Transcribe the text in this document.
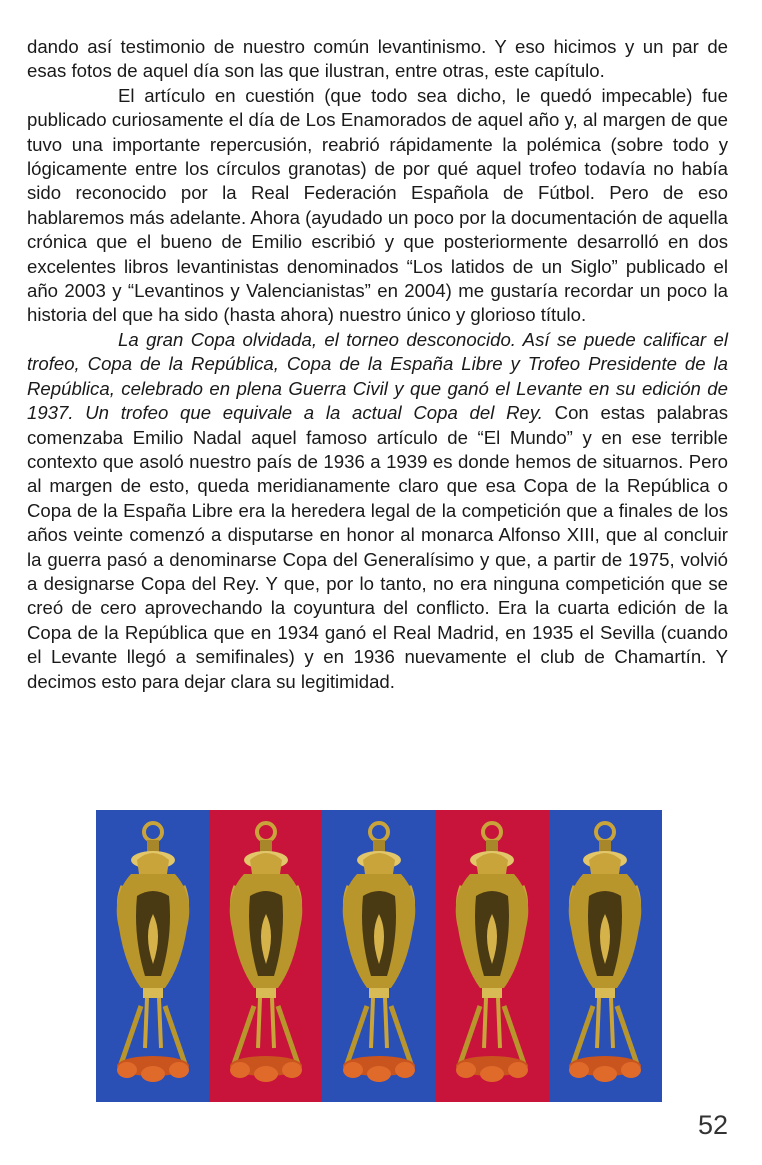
dando así testimonio de nuestro común levantinismo. Y eso hicimos y un par de esas fotos de aquel día son las que ilustran, entre otras, este capítulo.

El artículo en cuestión (que todo sea dicho, le quedó impecable) fue publicado curiosamente el día de Los Enamorados de aquel año y, al margen de que tuvo una importante repercusión, reabrió rápidamente la polémica (sobre todo y lógicamente entre los círculos granotas) de por qué aquel trofeo todavía no había sido reconocido por la Real Federación Española de Fútbol. Pero de eso hablaremos más adelante. Ahora (ayudado un poco por la documentación de aquella crónica que el bueno de Emilio escribió y que posteriormente desarrolló en dos excelentes libros levantinistas denominados “Los latidos de un Siglo” publicado el año 2003 y “Levantinos y Valencianistas” en 2004) me gustaría recordar un poco la historia del que ha sido (hasta ahora) nuestro único y glorioso título.

La gran Copa olvidada, el torneo desconocido. Así se puede calificar el trofeo, Copa de la República, Copa de la España Libre y Trofeo Presidente de la República, celebrado en plena Guerra Civil y que ganó el Levante en su edición de 1937. Un trofeo que equivale a la actual Copa del Rey. Con estas palabras comenzaba Emilio Nadal aquel famoso artículo de “El Mundo” y en ese terrible contexto que asoló nuestro país de 1936 a 1939 es donde hemos de situarnos. Pero al margen de esto, queda meridianamente claro que esa Copa de la República o Copa de la España Libre era la heredera legal de la competición que a finales de los años veinte comenzó a disputarse en honor al monarca Alfonso XIII, que al concluir la guerra pasó a denominarse Copa del Generalísimo y que, a partir de 1975, volvió a designarse Copa del Rey. Y que, por lo tanto, no era ninguna competición que se creó de cero aprovechando la coyuntura del conflicto. Era la cuarta edición de la Copa de la República que en 1934 ganó el Real Madrid, en 1935 el Sevilla (cuando el Levante llegó a semifinales) y en 1936 nuevamente el club de Chamartín. Y decimos esto para dejar clara su legitimidad.

52
